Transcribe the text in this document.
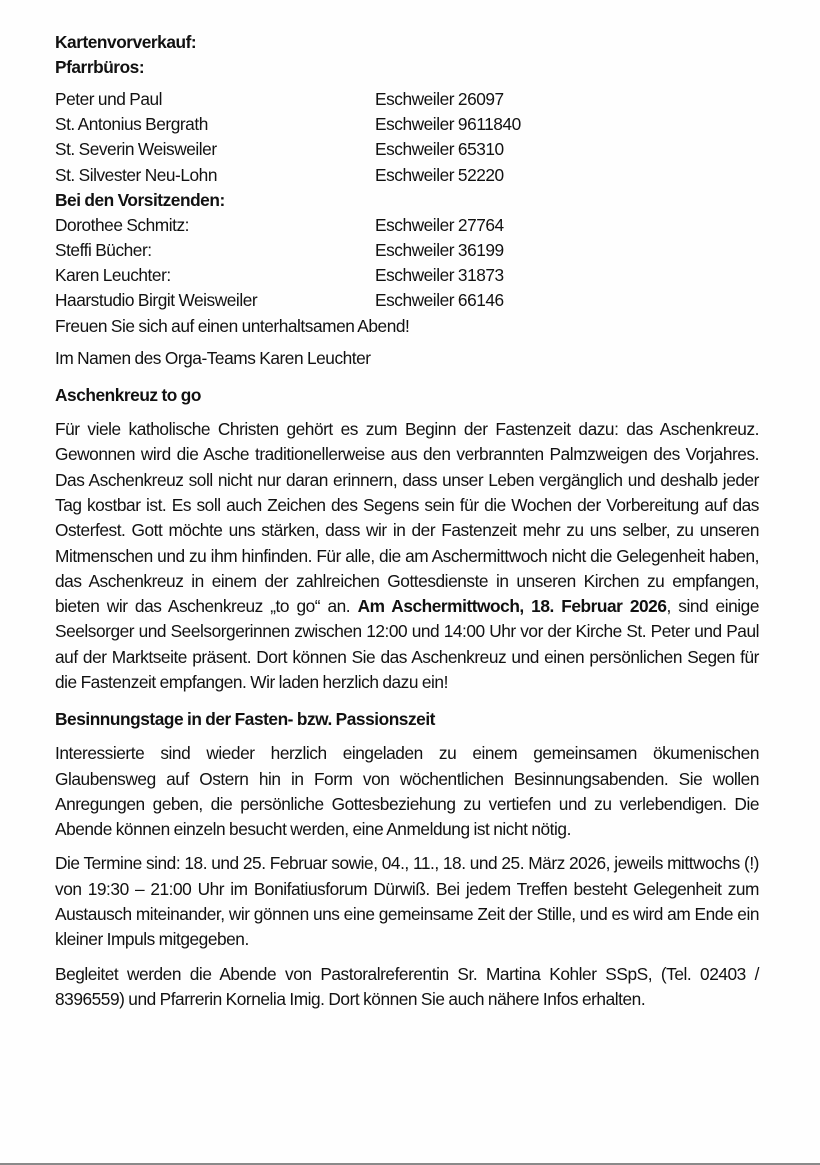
Kartenvorverkauf:
Pfarrbüros:
Peter und Paul	Eschweiler 26097
St. Antonius Bergrath	Eschweiler 9611840
St. Severin Weisweiler	Eschweiler 65310
St. Silvester Neu-Lohn	Eschweiler 52220
Bei den Vorsitzenden:
Dorothee Schmitz:	Eschweiler 27764
Steffi Bücher:	Eschweiler 36199
Karen Leuchter:	Eschweiler 31873
Haarstudio Birgit Weisweiler	Eschweiler 66146
Freuen Sie sich auf einen unterhaltsamen Abend!
Im Namen des Orga-Teams Karen Leuchter
Aschenkreuz to go

Für viele katholische Christen gehört es zum Beginn der Fastenzeit dazu: das Aschenkreuz. Gewonnen wird die Asche traditionellerweise aus den verbrannten Palmzweigen des Vorjahres. Das Aschenkreuz soll nicht nur daran erinnern, dass unser Leben vergänglich und deshalb jeder Tag kostbar ist. Es soll auch Zeichen des Segens sein für die Wochen der Vorbereitung auf das Osterfest. Gott möchte uns stärken, dass wir in der Fastenzeit mehr zu uns selber, zu unseren Mitmenschen und zu ihm hinfinden. Für alle, die am Aschermittwoch nicht die Gelegenheit haben, das Aschenkreuz in einem der zahlreichen Gottesdienste in unseren Kirchen zu empfangen, bieten wir das Aschenkreuz „to go“ an. Am Aschermittwoch, 18. Februar 2026, sind einige Seelsorger und Seelsorgerinnen zwischen 12:00 und 14:00 Uhr vor der Kirche St. Peter und Paul auf der Marktseite präsent. Dort können Sie das Aschenkreuz und einen persönlichen Segen für die Fastenzeit empfangen. Wir laden herzlich dazu ein!

Besinnungstage in der Fasten- bzw. Passionszeit

Interessierte sind wieder herzlich eingeladen zu einem gemeinsamen ökumenischen Glaubensweg auf Ostern hin in Form von wöchentlichen Besinnungsabenden. Sie wollen Anregungen geben, die persönliche Gottesbeziehung zu vertiefen und zu verlebendigen. Die Abende können einzeln besucht werden, eine Anmeldung ist nicht nötig.

Die Termine sind: 18. und 25. Februar sowie, 04., 11., 18. und 25. März 2026, jeweils mittwochs (!) von 19:30 – 21:00 Uhr im Bonifatiusforum Dürwiß. Bei jedem Treffen besteht Gelegenheit zum Austausch miteinander, wir gönnen uns eine gemeinsame Zeit der Stille, und es wird am Ende ein kleiner Impuls mitgegeben.

Begleitet werden die Abende von Pastoralreferentin Sr. Martina Kohler SSpS, (Tel. 02403 / 8396559) und Pfarrerin Kornelia Imig. Dort können Sie auch nähere Infos erhalten.
